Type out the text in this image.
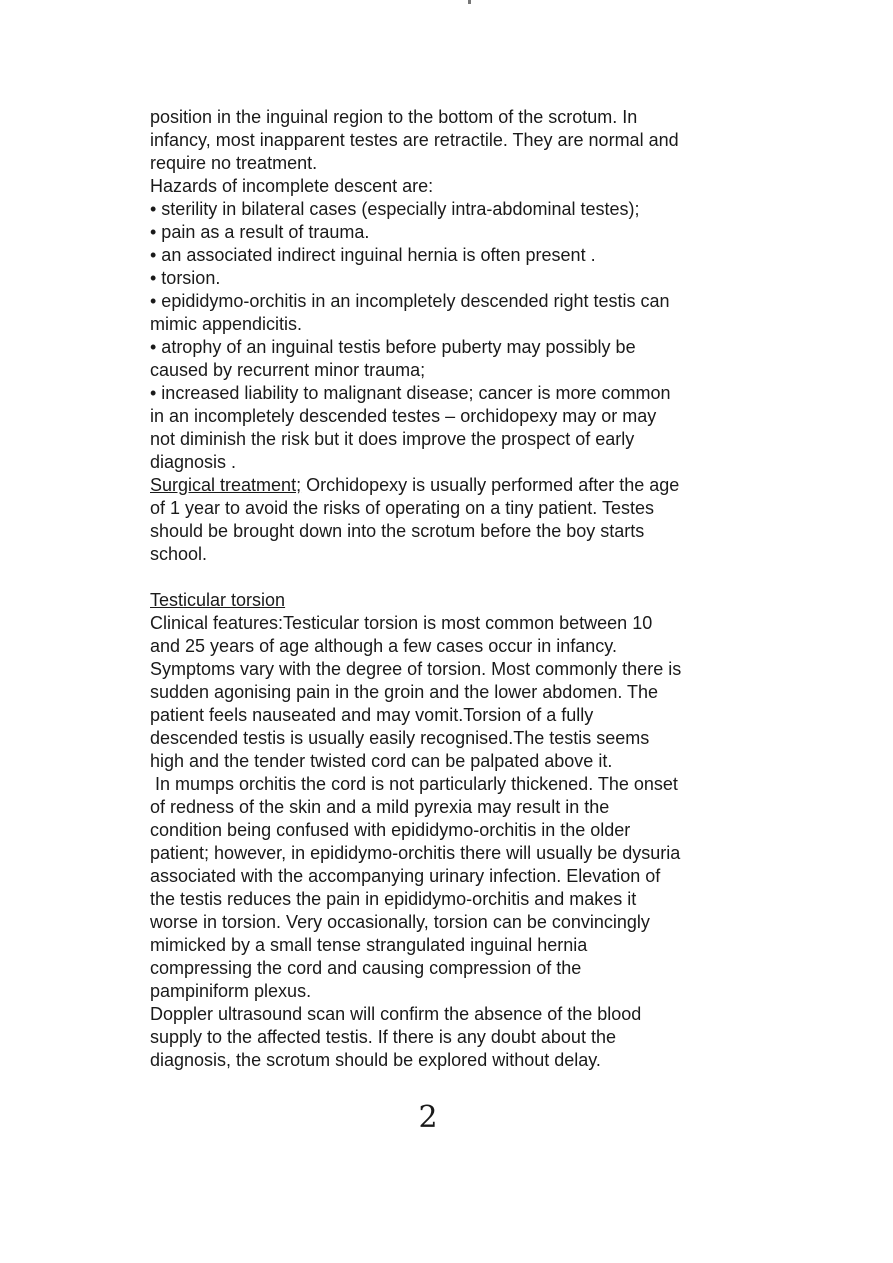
position in the inguinal region to the bottom of the scrotum. In
infancy, most inapparent testes are retractile. They are normal and
require no treatment.
Hazards of incomplete descent are:
• sterility in bilateral cases (especially intra-abdominal testes);
• pain as a result of trauma.
• an associated indirect inguinal hernia is often present .
• torsion.
• epididymo-orchitis in an incompletely descended right testis can
mimic appendicitis.
• atrophy of an inguinal testis before puberty may possibly be
caused by recurrent minor trauma;
• increased liability to malignant disease; cancer is more common
in an incompletely descended testes – orchidopexy may or may
not diminish the risk but it does improve the prospect of early
diagnosis .
Surgical treatment; Orchidopexy is usually performed after the age
of 1 year to avoid the risks of operating on a tiny patient. Testes
should be brought down into the scrotum before the boy starts
school.
Testicular torsion
Clinical features:Testicular torsion is most common between 10
and 25 years of age although a few cases occur in infancy.
Symptoms vary with the degree of torsion. Most commonly there is
sudden agonising pain in the groin and the lower abdomen. The
patient feels nauseated and may vomit.Torsion of a fully
descended testis is usually easily recognised.The testis seems
high and the tender twisted cord can be palpated above it.
In mumps orchitis the cord is not particularly thickened. The onset
of redness of the skin and a mild pyrexia may result in the
condition being confused with epididymo-orchitis in the older
patient; however, in epididymo-orchitis there will usually be dysuria
associated with the accompanying urinary infection. Elevation of
the testis reduces the pain in epididymo-orchitis and makes it
worse in torsion. Very occasionally, torsion can be convincingly
mimicked by a small tense strangulated inguinal hernia
compressing the cord and causing compression of the
pampiniform plexus.
Doppler ultrasound scan will confirm the absence of the blood
supply to the affected testis. If there is any doubt about the
diagnosis, the scrotum should be explored without delay.
2
